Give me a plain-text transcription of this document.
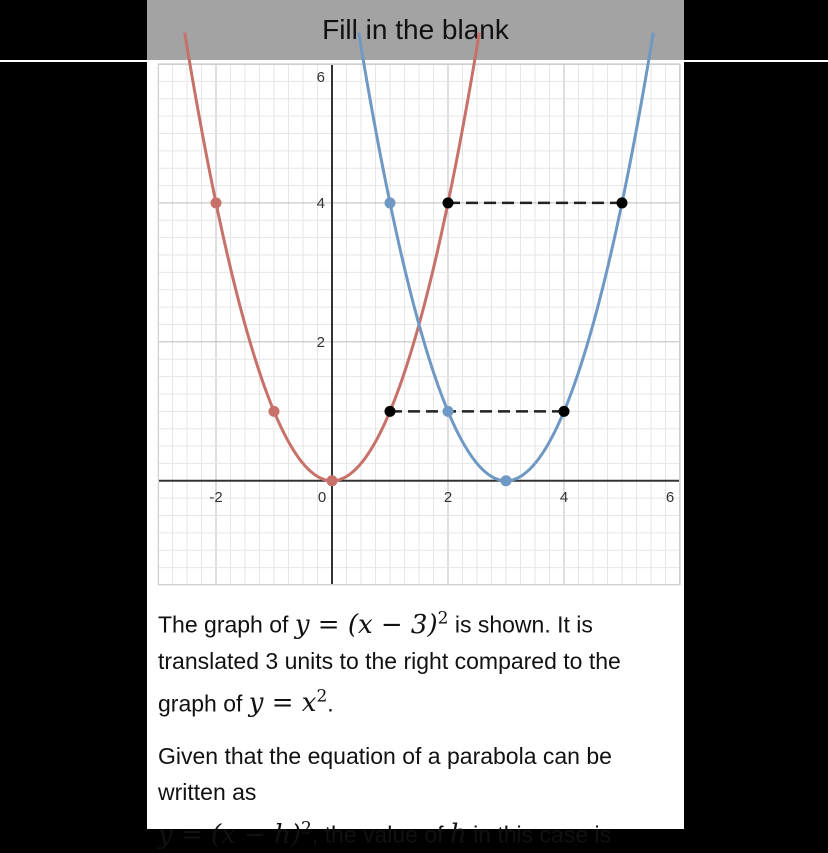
Fill in the blank
-2	0	2	4	6
2
4
6
The graph of $y = (x - 3)^2$ is shown. It is translated 3 units to the right compared to the graph of $y = x^2$.
Given that the equation of a parabola can be written as
$y = (x - h)^2$, the value of h in this case is
